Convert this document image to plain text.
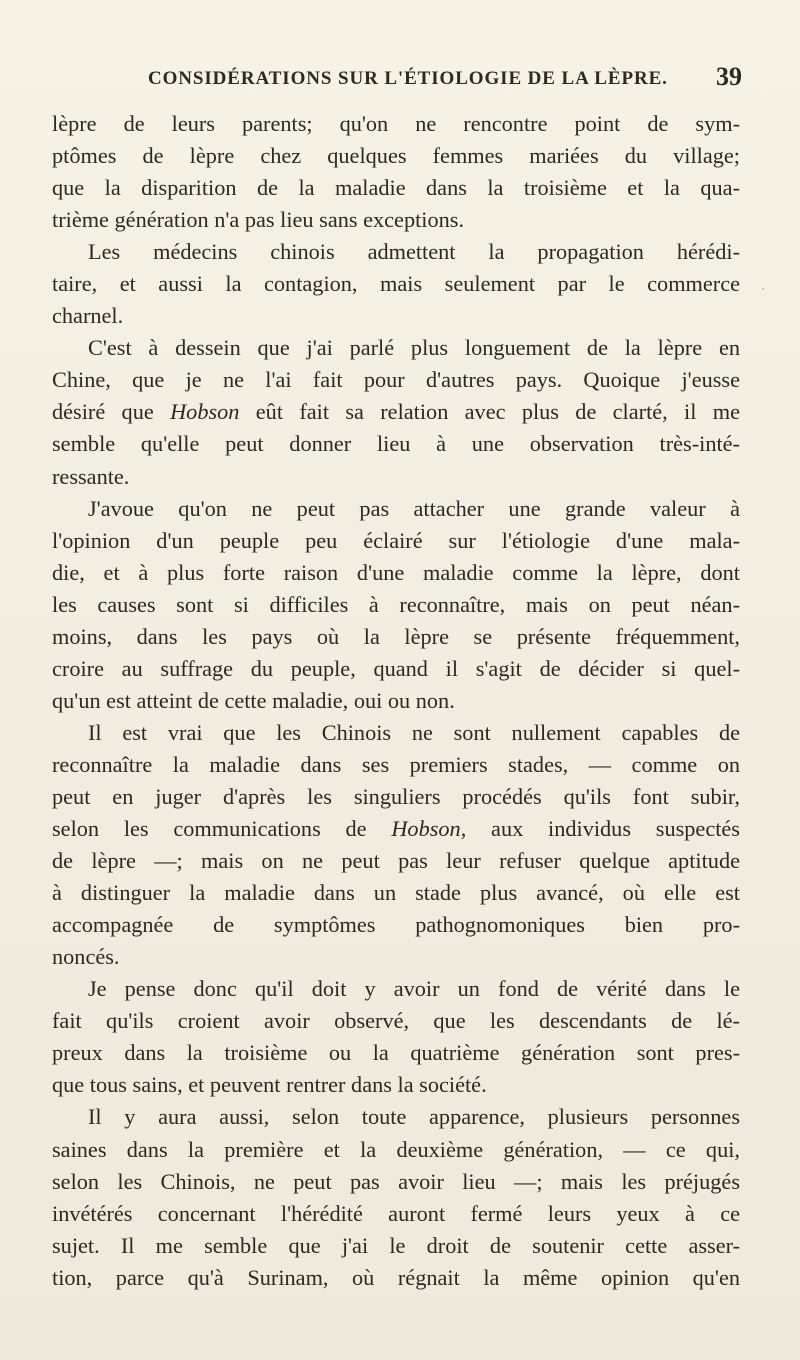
CONSIDÉRATIONS SUR L'ÉTIOLOGIE DE LA LÈPRE. 39
lèpre de leurs parents; qu'on ne rencontre point de sym-
ptômes de lèpre chez quelques femmes mariées du village;
que la disparition de la maladie dans la troisième et la qua-
trième génération n'a pas lieu sans exceptions.
Les médecins chinois admettent la propagation hérédi-
taire, et aussi la contagion, mais seulement par le commerce
charnel.
C'est à dessein que j'ai parlé plus longuement de la lèpre en
Chine, que je ne l'ai fait pour d'autres pays. Quoique j'eusse
désiré que Hobson eût fait sa relation avec plus de clarté, il me
semble qu'elle peut donner lieu à une observation très-inté-
ressante.
J'avoue qu'on ne peut pas attacher une grande valeur à
l'opinion d'un peuple peu éclairé sur l'étiologie d'une mala-
die, et à plus forte raison d'une maladie comme la lèpre, dont
les causes sont si difficiles à reconnaître, mais on peut néan-
moins, dans les pays où la lèpre se présente fréquemment,
croire au suffrage du peuple, quand il s'agit de décider si quel-
qu'un est atteint de cette maladie, oui ou non.
Il est vrai que les Chinois ne sont nullement capables de
reconnaître la maladie dans ses premiers stades, — comme on
peut en juger d'après les singuliers procédés qu'ils font subir,
selon les communications de Hobson, aux individus suspectés
de lèpre —; mais on ne peut pas leur refuser quelque aptitude
à distinguer la maladie dans un stade plus avancé, où elle est
accompagnée de symptômes pathognomoniques bien pro-
noncés.
Je pense donc qu'il doit y avoir un fond de vérité dans le
fait qu'ils croient avoir observé, que les descendants de lé-
preux dans la troisième ou la quatrième génération sont pres-
que tous sains, et peuvent rentrer dans la société.
Il y aura aussi, selon toute apparence, plusieurs personnes
saines dans la première et la deuxième génération, — ce qui,
selon les Chinois, ne peut pas avoir lieu —; mais les préjugés
invétérés concernant l'hérédité auront fermé leurs yeux à ce
sujet. Il me semble que j'ai le droit de soutenir cette asser-
tion, parce qu'à Surinam, où régnait la même opinion qu'en
